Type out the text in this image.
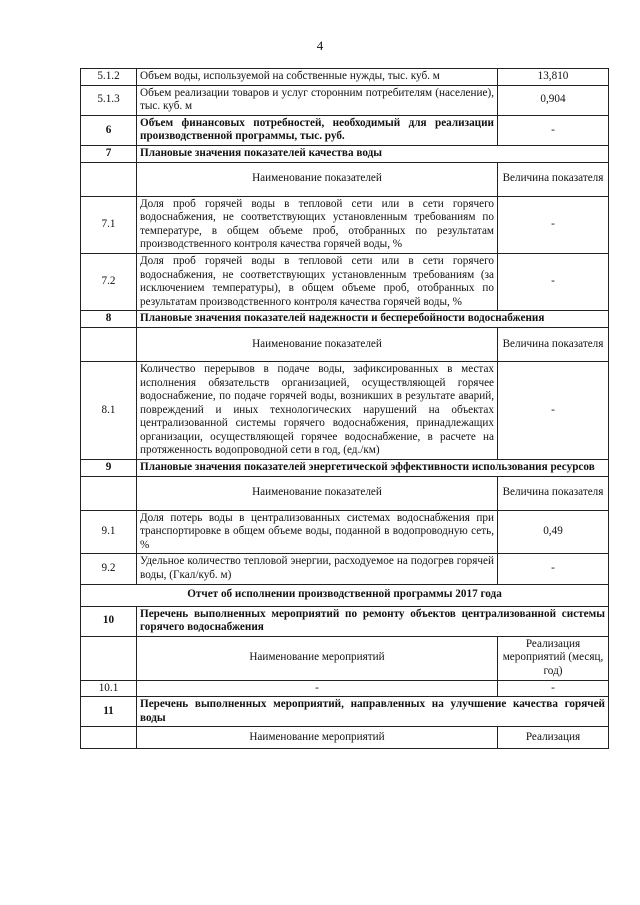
4
5.1.2	Объем воды, используемой на собственные нужды, тыс. куб. м	13,810
5.1.3	Объем реализации товаров и услуг сторонним потребителям (население), тыс. куб. м	0,904
6	Объем финансовых потребностей, необходимый для реализации производственной программы, тыс. руб.	-
7	Плановые значения показателей качества воды	
	Наименование показателей	Величина показателя
7.1	Доля проб горячей воды в тепловой сети или в сети горячего водоснабжения, не соответствующих установленным требованиям по температуре, в общем объеме проб, отобранных по результатам производственного контроля качества горячей воды, %	-
7.2	Доля проб горячей воды в тепловой сети или в сети горячего водоснабжения, не соответствующих установленным требованиям (за исключением температуры), в общем объеме проб, отобранных по результатам производственного контроля качества горячей воды, %	-
8	Плановые значения показателей надежности и бесперебойности водоснабжения	
	Наименование показателей	Величина показателя
8.1	Количество перерывов в подаче воды, зафиксированных в местах исполнения обязательств организацией, осуществляющей горячее водоснабжение, по подаче горячей воды, возникших в результате аварий, повреждений и иных технологических нарушений на объектах централизованной системы горячего водоснабжения, принадлежащих организации, осуществляющей горячее водоснабжение, в расчете на протяженность водопроводной сети в год, (ед./км)	-
9	Плановые значения показателей энергетической эффективности использования ресурсов	
	Наименование показателей	Величина показателя
9.1	Доля потерь воды в централизованных системах водоснабжения при транспортировке в общем объеме воды, поданной в водопроводную сеть, %	0,49
9.2	Удельное количество тепловой энергии, расходуемое на подогрев горячей воды, (Гкал/куб. м)	-
Отчет об исполнении производственной программы 2017 года		
10	Перечень выполненных мероприятий по ремонту объектов централизованной системы горячего водоснабжения	
	Наименование мероприятий	Реализация мероприятий (месяц, год)
10.1	-	-
11	Перечень выполненных мероприятий, направленных на улучшение качества горячей воды	
	Наименование мероприятий	Реализация
